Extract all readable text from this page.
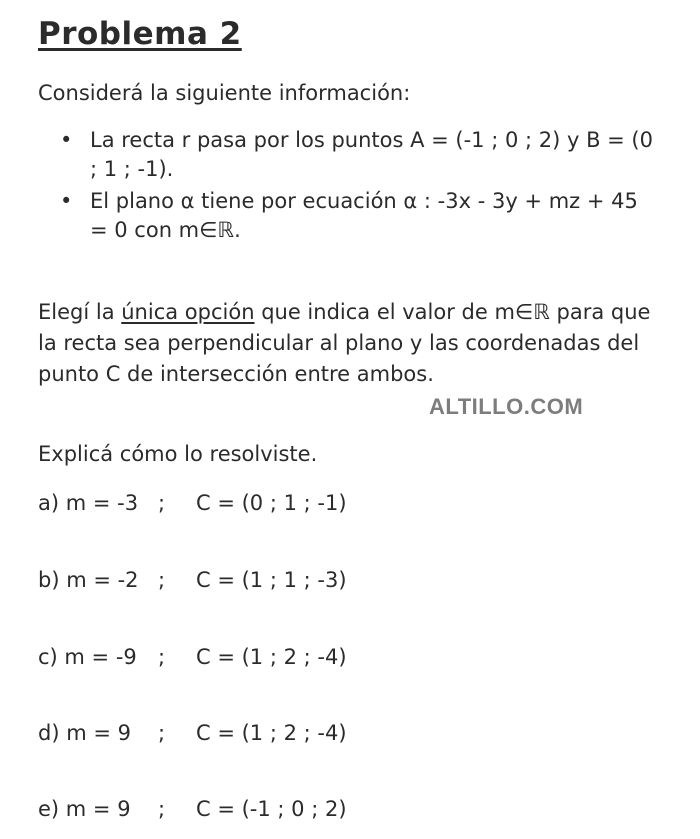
Problema 2

Considerá la siguiente información:

• La recta r pasa por los puntos A = (-1 ; 0 ; 2) y B = (0 ; 1 ; -1).
• El plano α tiene por ecuación α : -3x - 3y + mz + 45 = 0 con m∈ℝ.

Elegí la única opción que indica el valor de m∈ℝ para que la recta sea perpendicular al plano y las coordenadas del punto C de intersección entre ambos.

Explicá cómo lo resolviste.

a) m = -3 ; C = (0 ; 1 ; -1)
b) m = -2 ; C = (1 ; 1 ; -3)
c) m = -9 ; C = (1 ; 2 ; -4)
d) m = 9 ; C = (1 ; 2 ; -4)
e) m = 9 ; C = (-1 ; 0 ; 2)
ALTILLO.COM
